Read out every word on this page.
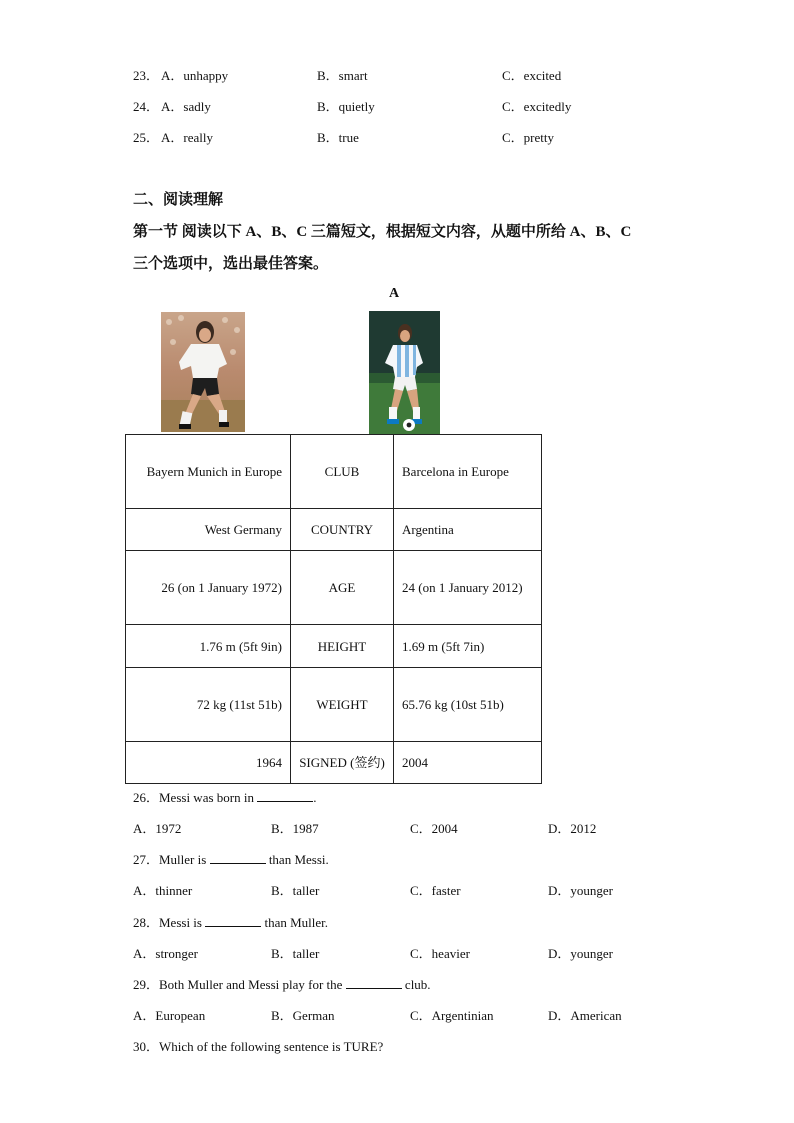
23． A．unhappy	B．smart	C．excited
24． A．sadly	B．quietly	C．excitedly
25． A．really	B．true	C．pretty
二、阅读理解
第一节 阅读以下 A、B、C 三篇短文，根据短文内容，从题中所给 A、B、C
三个选项中，选出最佳答案。
A
Bayern Munich in Europe	CLUB	Barcelona in Europe
West Germany	COUNTRY	Argentina
26 (on 1 January 1972)	AGE	24 (on 1 January 2012)
1.76 m (5ft 9in)	HEIGHT	1.69 m (5ft 7in)
72 kg (11st 51b)	WEIGHT	65.76 kg (10st 51b)
1964	SIGNED (签约)	2004
26．Messi was born in	.
A．1972	B．1987	C．2004	D．2012
27．Muller is	than Messi.
A．thinner	B．taller	C．faster	D．younger
28．Messi is	than Muller.
A．stronger	B．taller	C．heavier	D．younger
29．Both Muller and Messi play for the	club.
A．European	B．German	C．Argentinian	D．American
30．Which of the following sentence is TURE?
